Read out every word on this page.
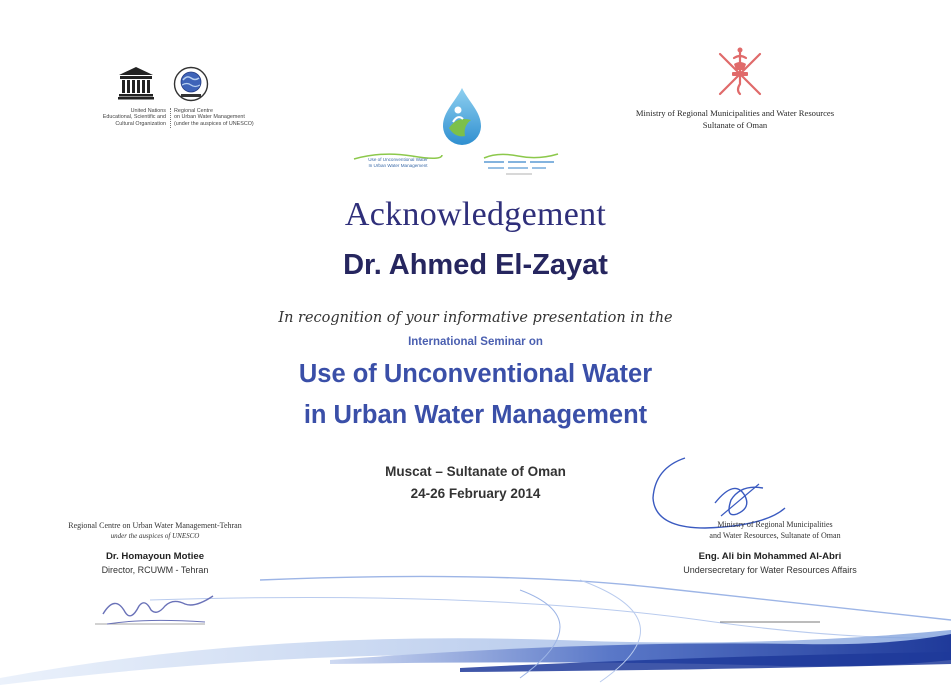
United Nations
Educational, Scientific and
Cultural Organization
Regional Centre
on Urban Water Management
(under the auspices of UNESCO)
Use of Unconventional Water
In Urban Water Management
Ministry of Regional Municipalities and Water Resources
Sultanate of Oman
Acknowledgement
Dr. Ahmed El-Zayat
In recognition of your informative presentation in the
International Seminar on
Use of Unconventional Water
in Urban Water Management
Muscat – Sultanate of Oman
24-26 February 2014
Regional Centre on Urban Water Management-Tehran
under the auspices of UNESCO
Dr. Homayoun Motiee
Director, RCUWM - Tehran
Ministry of Regional Municipalities
and Water Resources, Sultanate of Oman
Eng. Ali bin Mohammed Al-Abri
Undersecretary for Water Resources Affairs
